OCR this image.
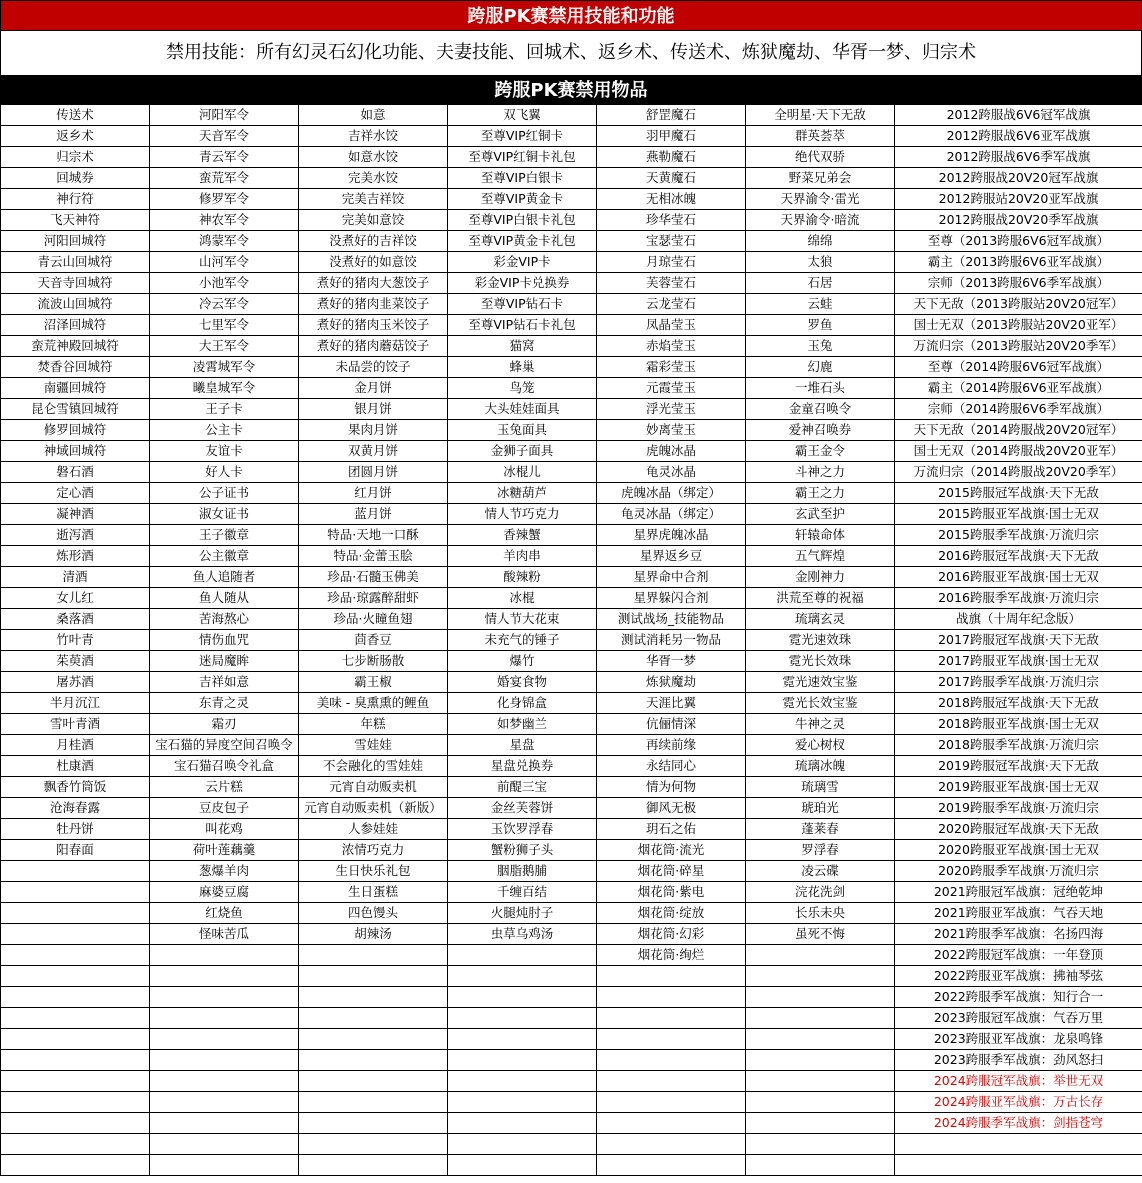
跨服PK赛禁用技能和功能
禁用技能：所有幻灵石幻化功能、夫妻技能、回城术、返乡术、传送术、炼狱魔劫、华胥一梦、归宗术
跨服PK赛禁用物品
传送术	河阳军令	如意	双飞翼	舒罡魔石	全明星·天下无敌	2012跨服战6V6冠军战旗
返乡术	天音军令	吉祥水饺	至尊VIP红铜卡	羽甲魔石	群英荟萃	2012跨服战6V6亚军战旗
归宗术	青云军令	如意水饺	至尊VIP红铜卡礼包	燕勒魔石	绝代双骄	2012跨服战6V6季军战旗
回城券	蛮荒军令	完美水饺	至尊VIP白银卡	天黄魔石	野菜兄弟会	2012跨服战20V20冠军战旗
神行符	修罗军令	完美吉祥饺	至尊VIP黄金卡	无相冰魄	天界渝令·雷光	2012跨服站20V20亚军战旗
飞天神符	神农军令	完美如意饺	至尊VIP白银卡礼包	珍华莹石	天界渝令·暗流	2012跨服战20V20季军战旗
河阳回城符	鸿蒙军令	没煮好的吉祥饺	至尊VIP黄金卡礼包	宝瑟莹石	绵绵	至尊（2013跨服6V6冠军战旗）
青云山回城符	山河军令	没煮好的如意饺	彩金VIP卡	月琼莹石	太狼	霸主（2013跨服6V6亚军战旗）
天音寺回城符	小池军令	煮好的猪肉大葱饺子	彩金VIP卡兑换券	芙蓉莹石	石居	宗师（2013跨服6V6季军战旗）
流波山回城符	冷云军令	煮好的猪肉韭菜饺子	至尊VIP钻石卡	云龙莹石	云蛙	天下无敌（2013跨服站20V20冠军）
沼泽回城符	七里军令	煮好的猪肉玉米饺子	至尊VIP钻石卡礼包	凤晶莹玉	罗鱼	国士无双（2013跨服站20V20亚军）
蛮荒神殿回城符	大王军令	煮好的猪肉蘑菇饺子	猫窝	赤焰莹玉	玉兔	万流归宗（2013跨服站20V20季军）
焚香谷回城符	凌霄城军令	未品尝的饺子	蜂巢	霜彩莹玉	幻鹿	至尊（2014跨服6V6冠军战旗）
南疆回城符	曦皇城军令	金月饼	鸟笼	元霞莹玉	一堆石头	霸主（2014跨服6V6亚军战旗）
昆仑雪镇回城符	王子卡	银月饼	大头娃娃面具	浮光莹玉	金童召唤令	宗师（2014跨服6V6季军战旗）
修罗回城符	公主卡	果肉月饼	玉兔面具	妙离莹玉	爱神召唤券	天下无敌（2014跨服战20V20冠军）
神域回城符	友谊卡	双黄月饼	金狮子面具	虎魄冰晶	霸王金令	国士无双（2014跨服战20V20亚军）
磐石酒	好人卡	团圆月饼	冰棍儿	龟灵冰晶	斗神之力	万流归宗（2014跨服战20V20季军）
定心酒	公子证书	红月饼	冰糖葫芦	虎魄冰晶（绑定）	霸王之力	2015跨服冠军战旗·天下无敌
凝神酒	淑女证书	蓝月饼	情人节巧克力	龟灵冰晶（绑定）	玄武至护	2015跨服亚军战旗·国士无双
逝泻酒	王子徽章	特品·天地一口酥	香辣蟹	星界虎魄冰晶	轩辕命体	2015跨服季军战旗·万流归宗
炼形酒	公主徽章	特品·金蕾玉脍	羊肉串	星界返乡豆	五气辉煌	2016跨服冠军战旗·天下无敌
清酒	鱼人追随者	珍品·石髓玉佛美	酸辣粉	星界命中合剂	金刚神力	2016跨服亚军战旗·国士无双
女儿红	鱼人随从	珍品·琼露醉甜虾	冰棍	星界躲闪合剂	洪荒至尊的祝福	2016跨服季军战旗·万流归宗
桑落酒	苦海熬心	珍品·火瞳鱼翅	情人节大花束	测试战场_技能物品	琉璃玄灵	战旗（十周年纪念版）
竹叶青	情伤血咒	茴香豆	未充气的锤子	测试消耗另一物品	霓光速效珠	2017跨服冠军战旗·天下无敌
茱萸酒	迷局魔眸	七步断肠散	爆竹	华胥一梦	霓光长效珠	2017跨服亚军战旗·国士无双
屠苏酒	吉祥如意	霸王椒	婚宴食物	炼狱魔劫	霓光速效宝鉴	2017跨服季军战旗·万流归宗
半月沉江	东青之灵	美味 - 臭熏熏的鲤鱼	化身锦盒	天涯比翼	霓光长效宝鉴	2018跨服冠军战旗·天下无敌
雪叶青酒	霜刃	年糕	如梦幽兰	伉俪情深	牛神之灵	2018跨服亚军战旗·国士无双
月桂酒	宝石猫的异度空间召唤令	雪娃娃	星盘	再续前缘	爱心树杈	2018跨服季军战旗·万流归宗
杜康酒	宝石猫召唤令礼盒	不会融化的雪娃娃	星盘兑换券	永结同心	琉璃冰魄	2019跨服冠军战旗·天下无敌
飘香竹筒饭	云片糕	元宵自动贩卖机	前醍三宝	情为何物	琉璃雪	2019跨服亚军战旗·国士无双
沧海春露	豆皮包子	元宵自动贩卖机（新版）	金丝芙蓉饼	御风无极	琥珀光	2019跨服季军战旗·万流归宗
牡丹饼	叫花鸡	人参娃娃	玉饮罗浮春	玥石之佑	蓬莱春	2020跨服冠军战旗·天下无敌
阳春面	荷叶莲藕羹	浓情巧克力	蟹粉狮子头	烟花筒·流光	罗浮春	2020跨服亚军战旗·国士无双
	葱爆羊肉	生日快乐礼包	胭脂鹅脯	烟花筒·碎星	凌云碟	2020跨服季军战旗·万流归宗
	麻婆豆腐	生日蛋糕	千缠百结	烟花筒·紫电	浣花洗剑	2021跨服冠军战旗：冠绝乾坤
	红烧鱼	四色馒头	火腿炖肘子	烟花筒·绽放	长乐未央	2021跨服亚军战旗：气吞天地
	怪味苦瓜	胡辣汤	虫草乌鸡汤	烟花筒·幻彩	虽死不悔	2021跨服季军战旗：名扬四海
				烟花筒·绚烂		2022跨服冠军战旗：一年登顶
						2022跨服亚军战旗：拂袖琴弦
						2022跨服季军战旗：知行合一
						2023跨服冠军战旗：气吞万里
						2023跨服亚军战旗：龙泉鸣锋
						2023跨服季军战旗：劲风怒扫
						2024跨服冠军战旗：举世无双
						2024跨服亚军战旗：万古长存
						2024跨服季军战旗：剑指苍穹
